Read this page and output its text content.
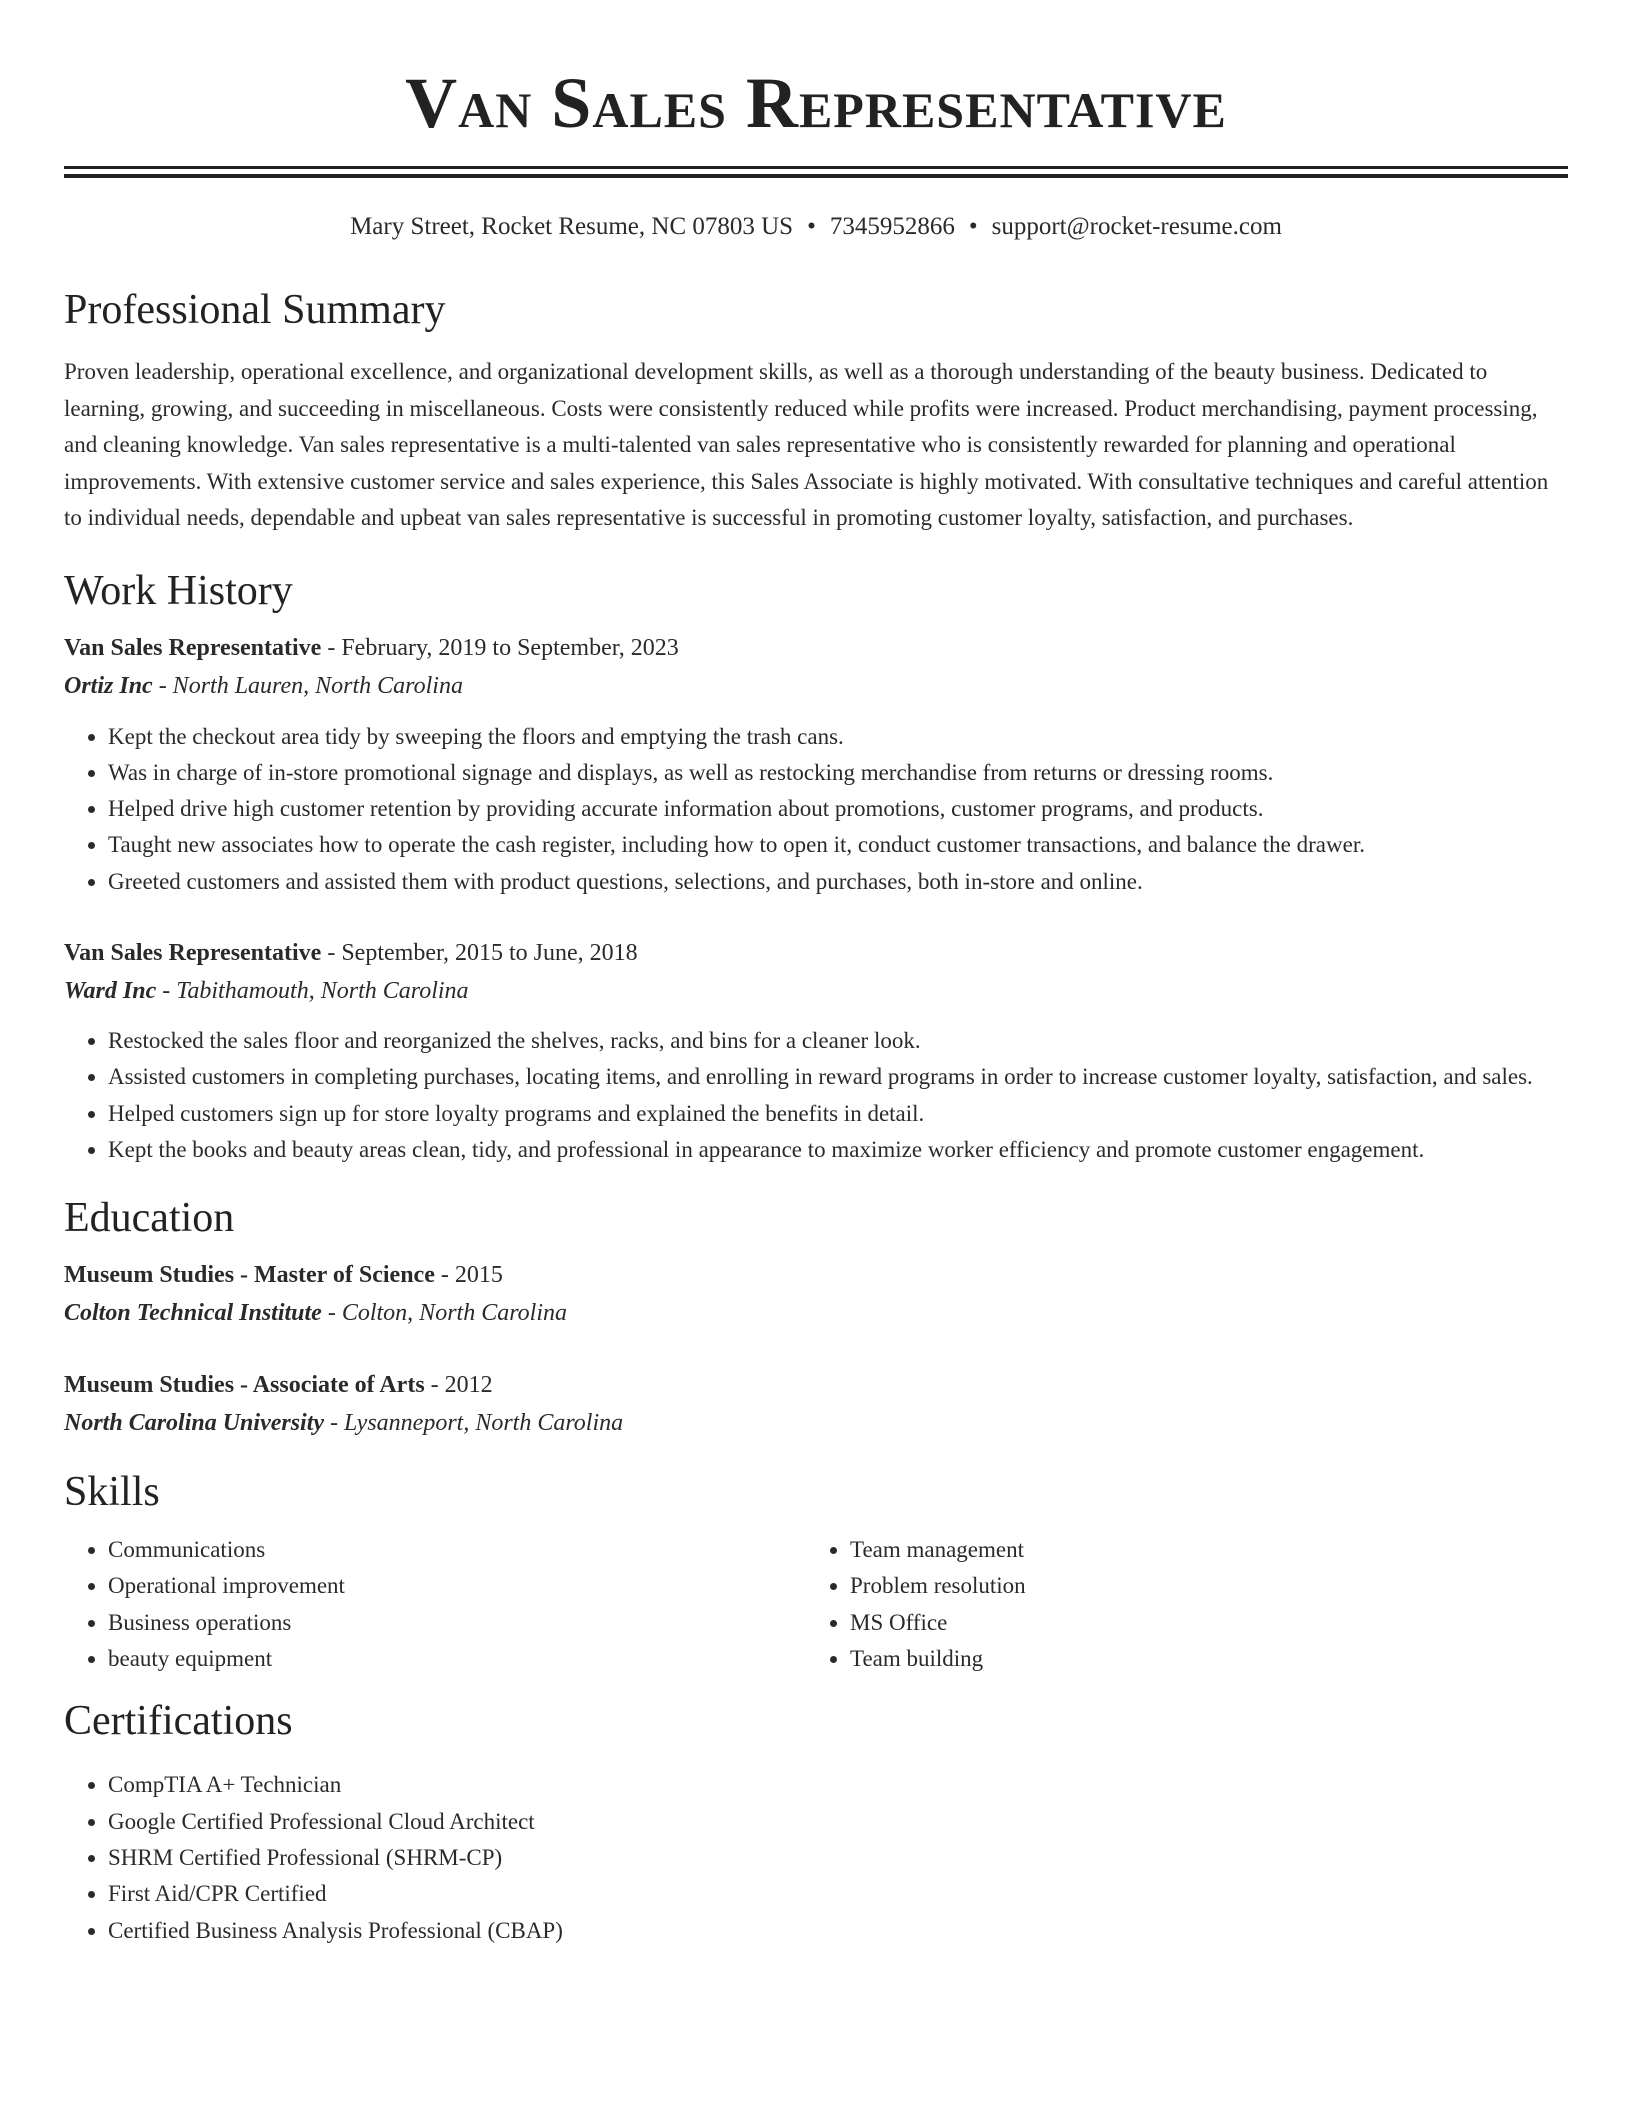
Van Sales Representative
Mary Street, Rocket Resume, NC 07803 US • 7345952866 • support@rocket-resume.com
Professional Summary

Proven leadership, operational excellence, and organizational development skills, as well as a thorough understanding of the beauty business. Dedicated to learning, growing, and succeeding in miscellaneous. Costs were consistently reduced while profits were increased. Product merchandising, payment processing, and cleaning knowledge. Van sales representative is a multi-talented van sales representative who is consistently rewarded for planning and operational improvements. With extensive customer service and sales experience, this Sales Associate is highly motivated. With consultative techniques and careful attention to individual needs, dependable and upbeat van sales representative is successful in promoting customer loyalty, satisfaction, and purchases.

Work History
Van Sales Representative - February, 2019 to September, 2023
Ortiz Inc - North Lauren, North Carolina
• Kept the checkout area tidy by sweeping the floors and emptying the trash cans.
• Was in charge of in-store promotional signage and displays, as well as restocking merchandise from returns or dressing rooms.
• Helped drive high customer retention by providing accurate information about promotions, customer programs, and products.
• Taught new associates how to operate the cash register, including how to open it, conduct customer transactions, and balance the drawer.
• Greeted customers and assisted them with product questions, selections, and purchases, both in-store and online.
Van Sales Representative - September, 2015 to June, 2018
Ward Inc - Tabithamouth, North Carolina
• Restocked the sales floor and reorganized the shelves, racks, and bins for a cleaner look.
• Assisted customers in completing purchases, locating items, and enrolling in reward programs in order to increase customer loyalty, satisfaction, and sales.
• Helped customers sign up for store loyalty programs and explained the benefits in detail.
• Kept the books and beauty areas clean, tidy, and professional in appearance to maximize worker efficiency and promote customer engagement.
Education
Museum Studies - Master of Science - 2015
Colton Technical Institute - Colton, North Carolina
Museum Studies - Associate of Arts - 2012
North Carolina University - Lysanneport, North Carolina
Skills
• Communications
• Operational improvement
• Business operations
• beauty equipment
• Team management
• Problem resolution
• MS Office
• Team building
Certifications
• CompTIA A+ Technician
• Google Certified Professional Cloud Architect
• SHRM Certified Professional (SHRM-CP)
• First Aid/CPR Certified
• Certified Business Analysis Professional (CBAP)
